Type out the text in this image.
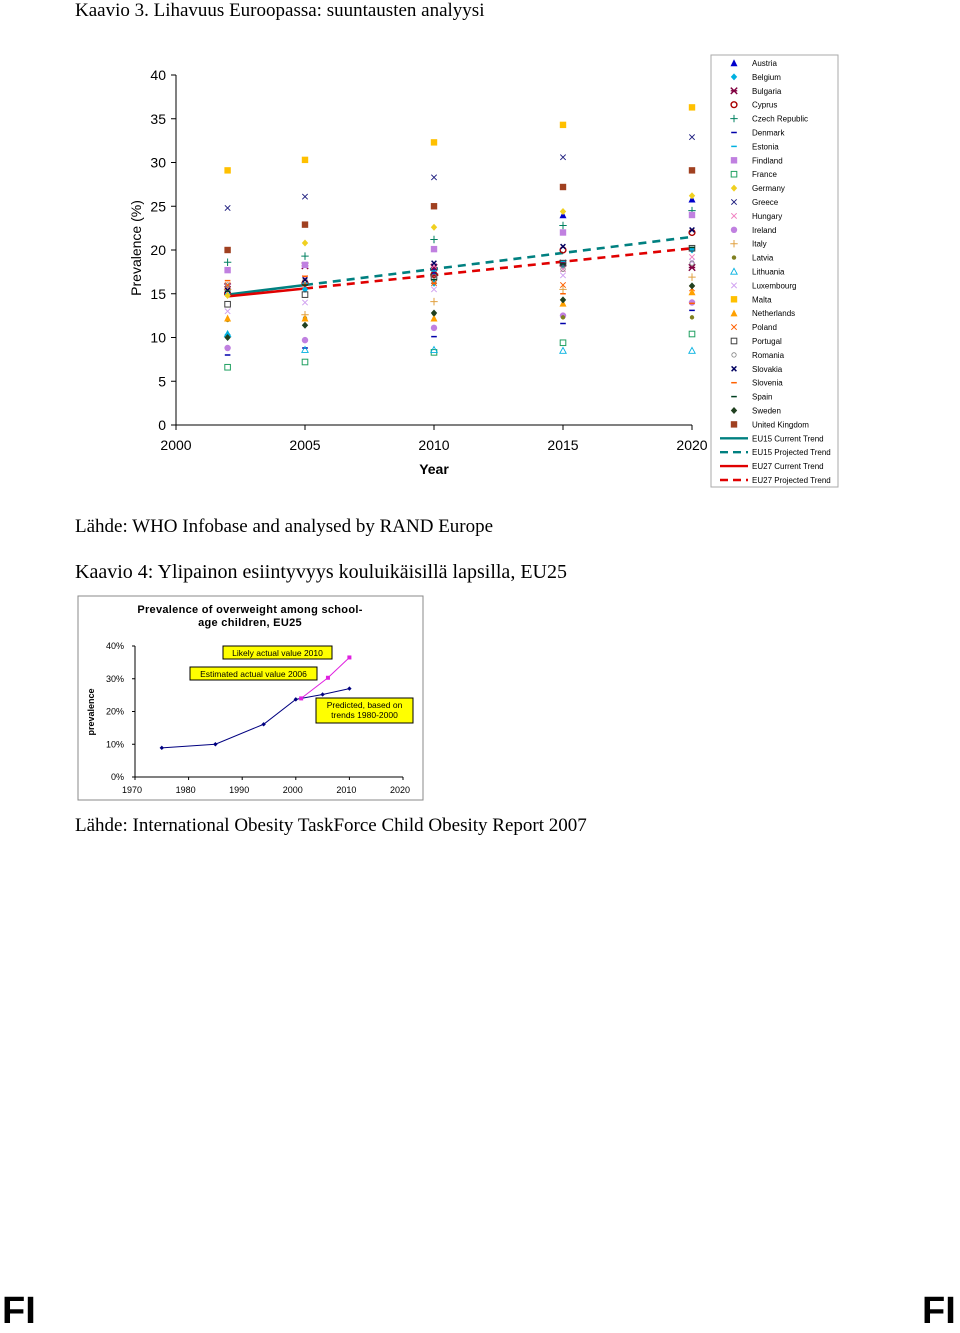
Kaavio 3. Lihavuus Euroopassa: suuntausten analyysi
0
5
10
15
20
25
30
35
40
2000	2005	2010	2015	2020
Prevalence (%)
Year
Austria
Belgium
Bulgaria
Cyprus
Czech Republic
Denmark
Estonia
Findland
France
Germany
Greece
Hungary
Ireland
Italy
Latvia
Lithuania
Luxembourg
Malta
Netherlands
Poland
Portugal
Romania
Slovakia
Slovenia
Spain
Sweden
United Kingdom
EU15 Current Trend
EU15 Projected Trend
EU27 Current Trend
EU27 Projected Trend
Lähde: WHO Infobase and analysed by RAND Europe
Kaavio 4: Ylipainon esiintyvyys kouluikäisillä lapsilla, EU25
Prevalence of overweight among school-
age children, EU25
prevalence
0%
10%
20%
30%
40%
1970	1980	1990	2000	2010	2020
Likely actual value 2010
Estimated actual value 2006
Predicted, based on
trends 1980-2000
Lähde: International Obesity TaskForce Child Obesity Report 2007
FI	FI
